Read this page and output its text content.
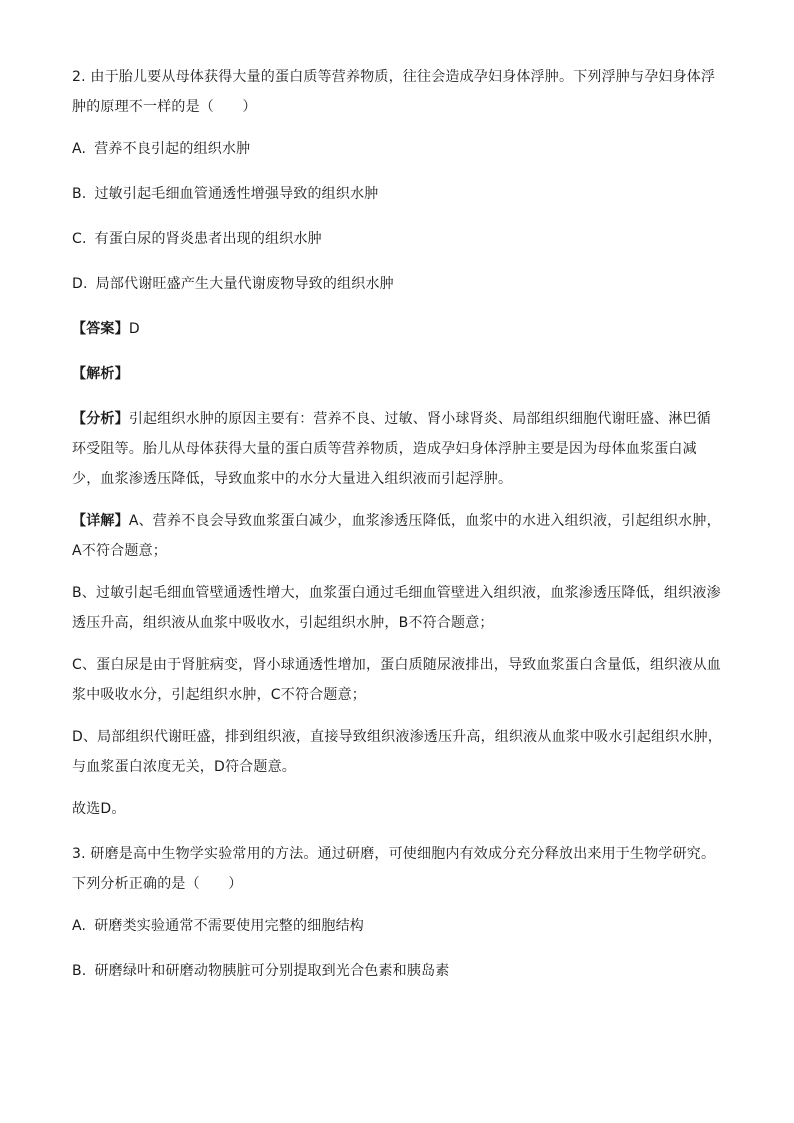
2. 由于胎儿要从母体获得大量的蛋白质等营养物质，往往会造成孕妇身体浮肿。下列浮肿与孕妇身体浮肿的原理不一样的是（　　）

A. 营养不良引起的组织水肿

B. 过敏引起毛细血管通透性增强导致的组织水肿

C. 有蛋白尿的肾炎患者出现的组织水肿

D. 局部代谢旺盛产生大量代谢废物导致的组织水肿

【答案】D

【解析】

【分析】引起组织水肿的原因主要有：营养不良、过敏、肾小球肾炎、局部组织细胞代谢旺盛、淋巴循环受阻等。胎儿从母体获得大量的蛋白质等营养物质，造成孕妇身体浮肿主要是因为母体血浆蛋白减少，血浆渗透压降低，导致血浆中的水分大量进入组织液而引起浮肿。

【详解】A、营养不良会导致血浆蛋白减少，血浆渗透压降低，血浆中的水进入组织液，引起组织水肿，A不符合题意；

B、过敏引起毛细血管壁通透性增大，血浆蛋白通过毛细血管壁进入组织液，血浆渗透压降低，组织液渗透压升高，组织液从血浆中吸收水，引起组织水肿，B不符合题意；

C、蛋白尿是由于肾脏病变，肾小球通透性增加，蛋白质随尿液排出，导致血浆蛋白含量低，组织液从血浆中吸收水分，引起组织水肿，C不符合题意；

D、局部组织代谢旺盛，排到组织液，直接导致组织液渗透压升高，组织液从血浆中吸水引起组织水肿，与血浆蛋白浓度无关，D符合题意。

故选D。

3. 研磨是高中生物学实验常用的方法。通过研磨，可使细胞内有效成分充分释放出来用于生物学研究。下列分析正确的是（　　）

A. 研磨类实验通常不需要使用完整的细胞结构

B. 研磨绿叶和研磨动物胰脏可分别提取到光合色素和胰岛素
